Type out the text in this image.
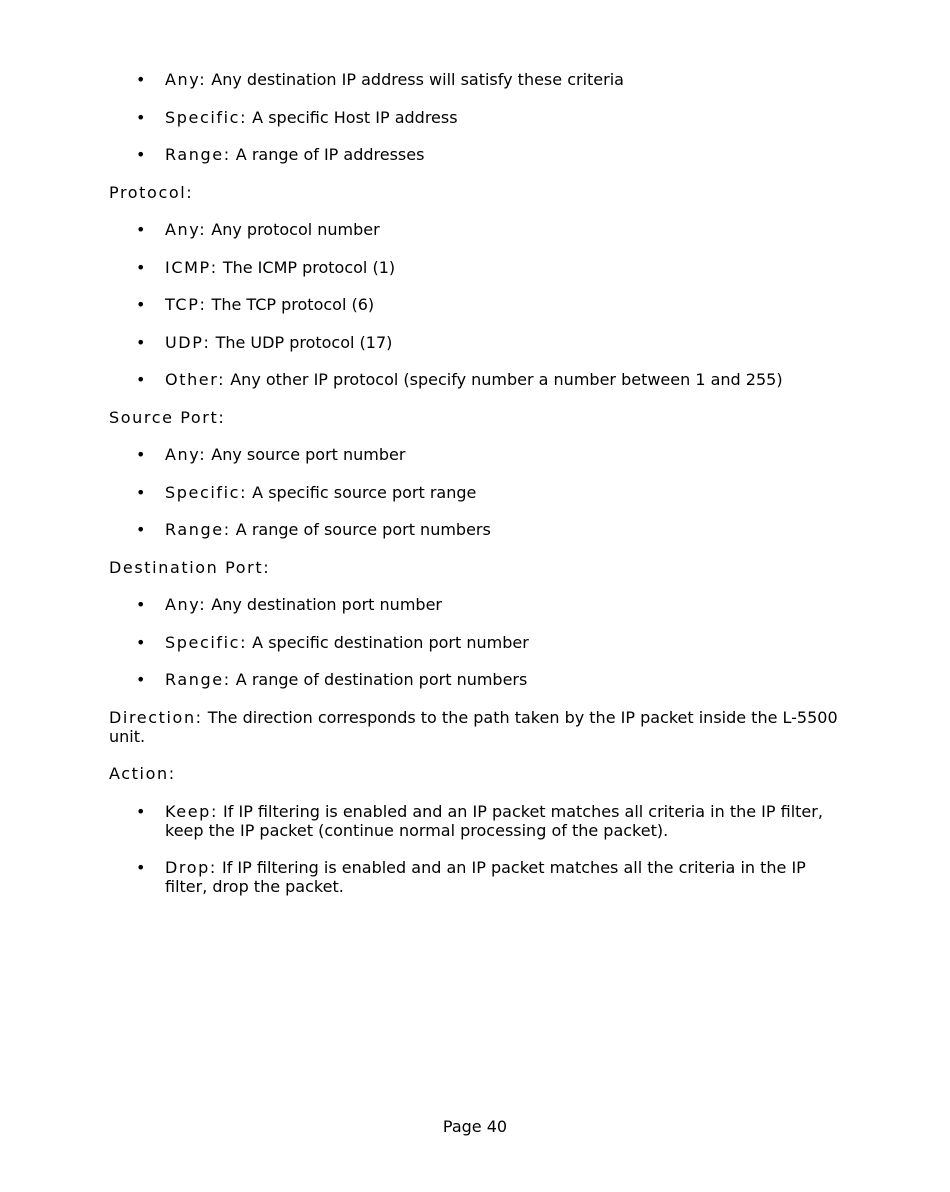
• Any: Any destination IP address will satisfy these criteria
• Specific: A specific Host IP address
• Range: A range of IP addresses
Protocol:
• Any: Any protocol number
• ICMP: The ICMP protocol (1)
• TCP: The TCP protocol (6)
• UDP: The UDP protocol (17)
• Other: Any other IP protocol (specify number a number between 1 and 255)
Source Port:
• Any: Any source port number
• Specific: A specific source port range
• Range: A range of source port numbers
Destination Port:
• Any: Any destination port number
• Specific: A specific destination port number
• Range: A range of destination port numbers
Direction: The direction corresponds to the path taken by the IP packet inside the L-5500 unit.
Action:
• Keep: If IP filtering is enabled and an IP packet matches all criteria in the IP filter, keep the IP packet (continue normal processing of the packet).
• Drop: If IP filtering is enabled and an IP packet matches all the criteria in the IP filter, drop the packet.
Page 40
